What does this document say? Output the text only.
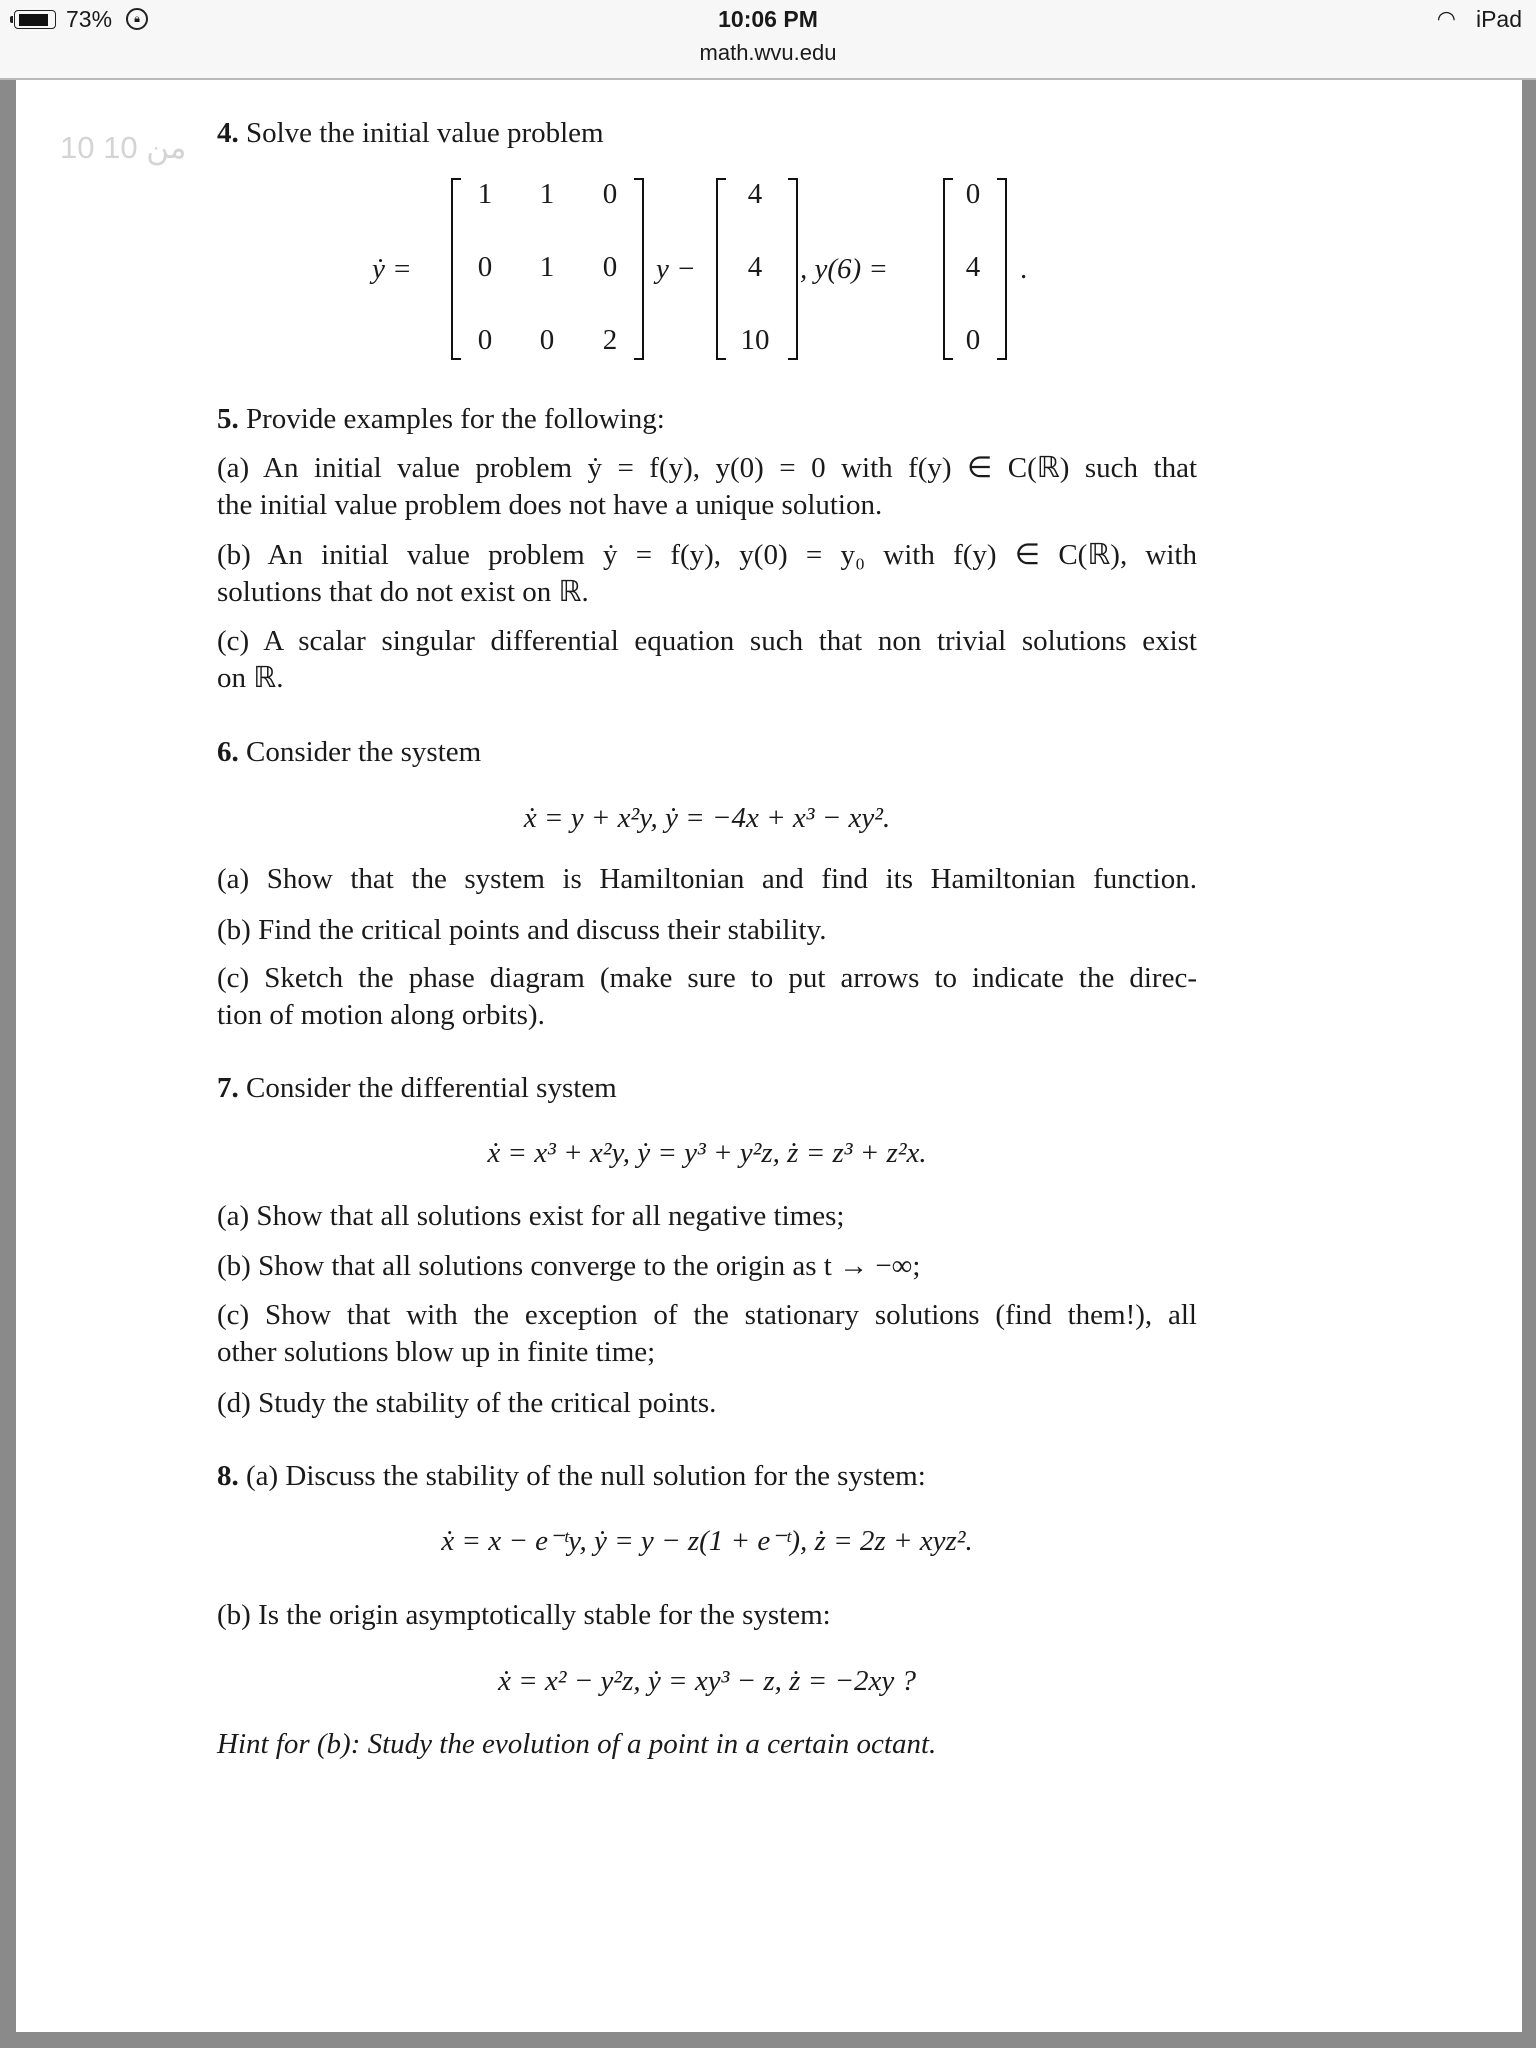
73%	🔒︎	10:06 PM
math.wvu.edu
◠ iPad
10 من 10 4. Solve the initial value problem
ẏ =
1	1	0
0	1	0
0	0	2
y −
4
4
10
, y(6) =
0
4
0
.
5. Provide examples for the following:
(a) An initial value problem ẏ = f(y), y(0) = 0 with f(y) ∈ C(ℝ) such that
the initial value problem does not have a unique solution.
(b) An initial value problem ẏ = f(y), y(0) = y₀ with f(y) ∈ C(ℝ), with
solutions that do not exist on ℝ.
(c) A scalar singular differential equation such that non trivial solutions exist
on ℝ.
6. Consider the system
ẋ = y + x²y, ẏ = −4x + x³ − xy².
(a) Show that the system is Hamiltonian and find its Hamiltonian function.
(b) Find the critical points and discuss their stability.
(c) Sketch the phase diagram (make sure to put arrows to indicate the direc-
tion of motion along orbits).
7. Consider the differential system
ẋ = x³ + x²y, ẏ = y³ + y²z, ż = z³ + z²x.
(a) Show that all solutions exist for all negative times;
(b) Show that all solutions converge to the origin as t → −∞;
(c) Show that with the exception of the stationary solutions (find them!), all
other solutions blow up in finite time;
(d) Study the stability of the critical points.
8. (a) Discuss the stability of the null solution for the system:
ẋ = x − e⁻ᵗy, ẏ = y − z(1 + e⁻ᵗ), ż = 2z + xyz².
(b) Is the origin asymptotically stable for the system:
ẋ = x² − y²z, ẏ = xy³ − z, ż = −2xy ?
Hint for (b): Study the evolution of a point in a certain octant.
